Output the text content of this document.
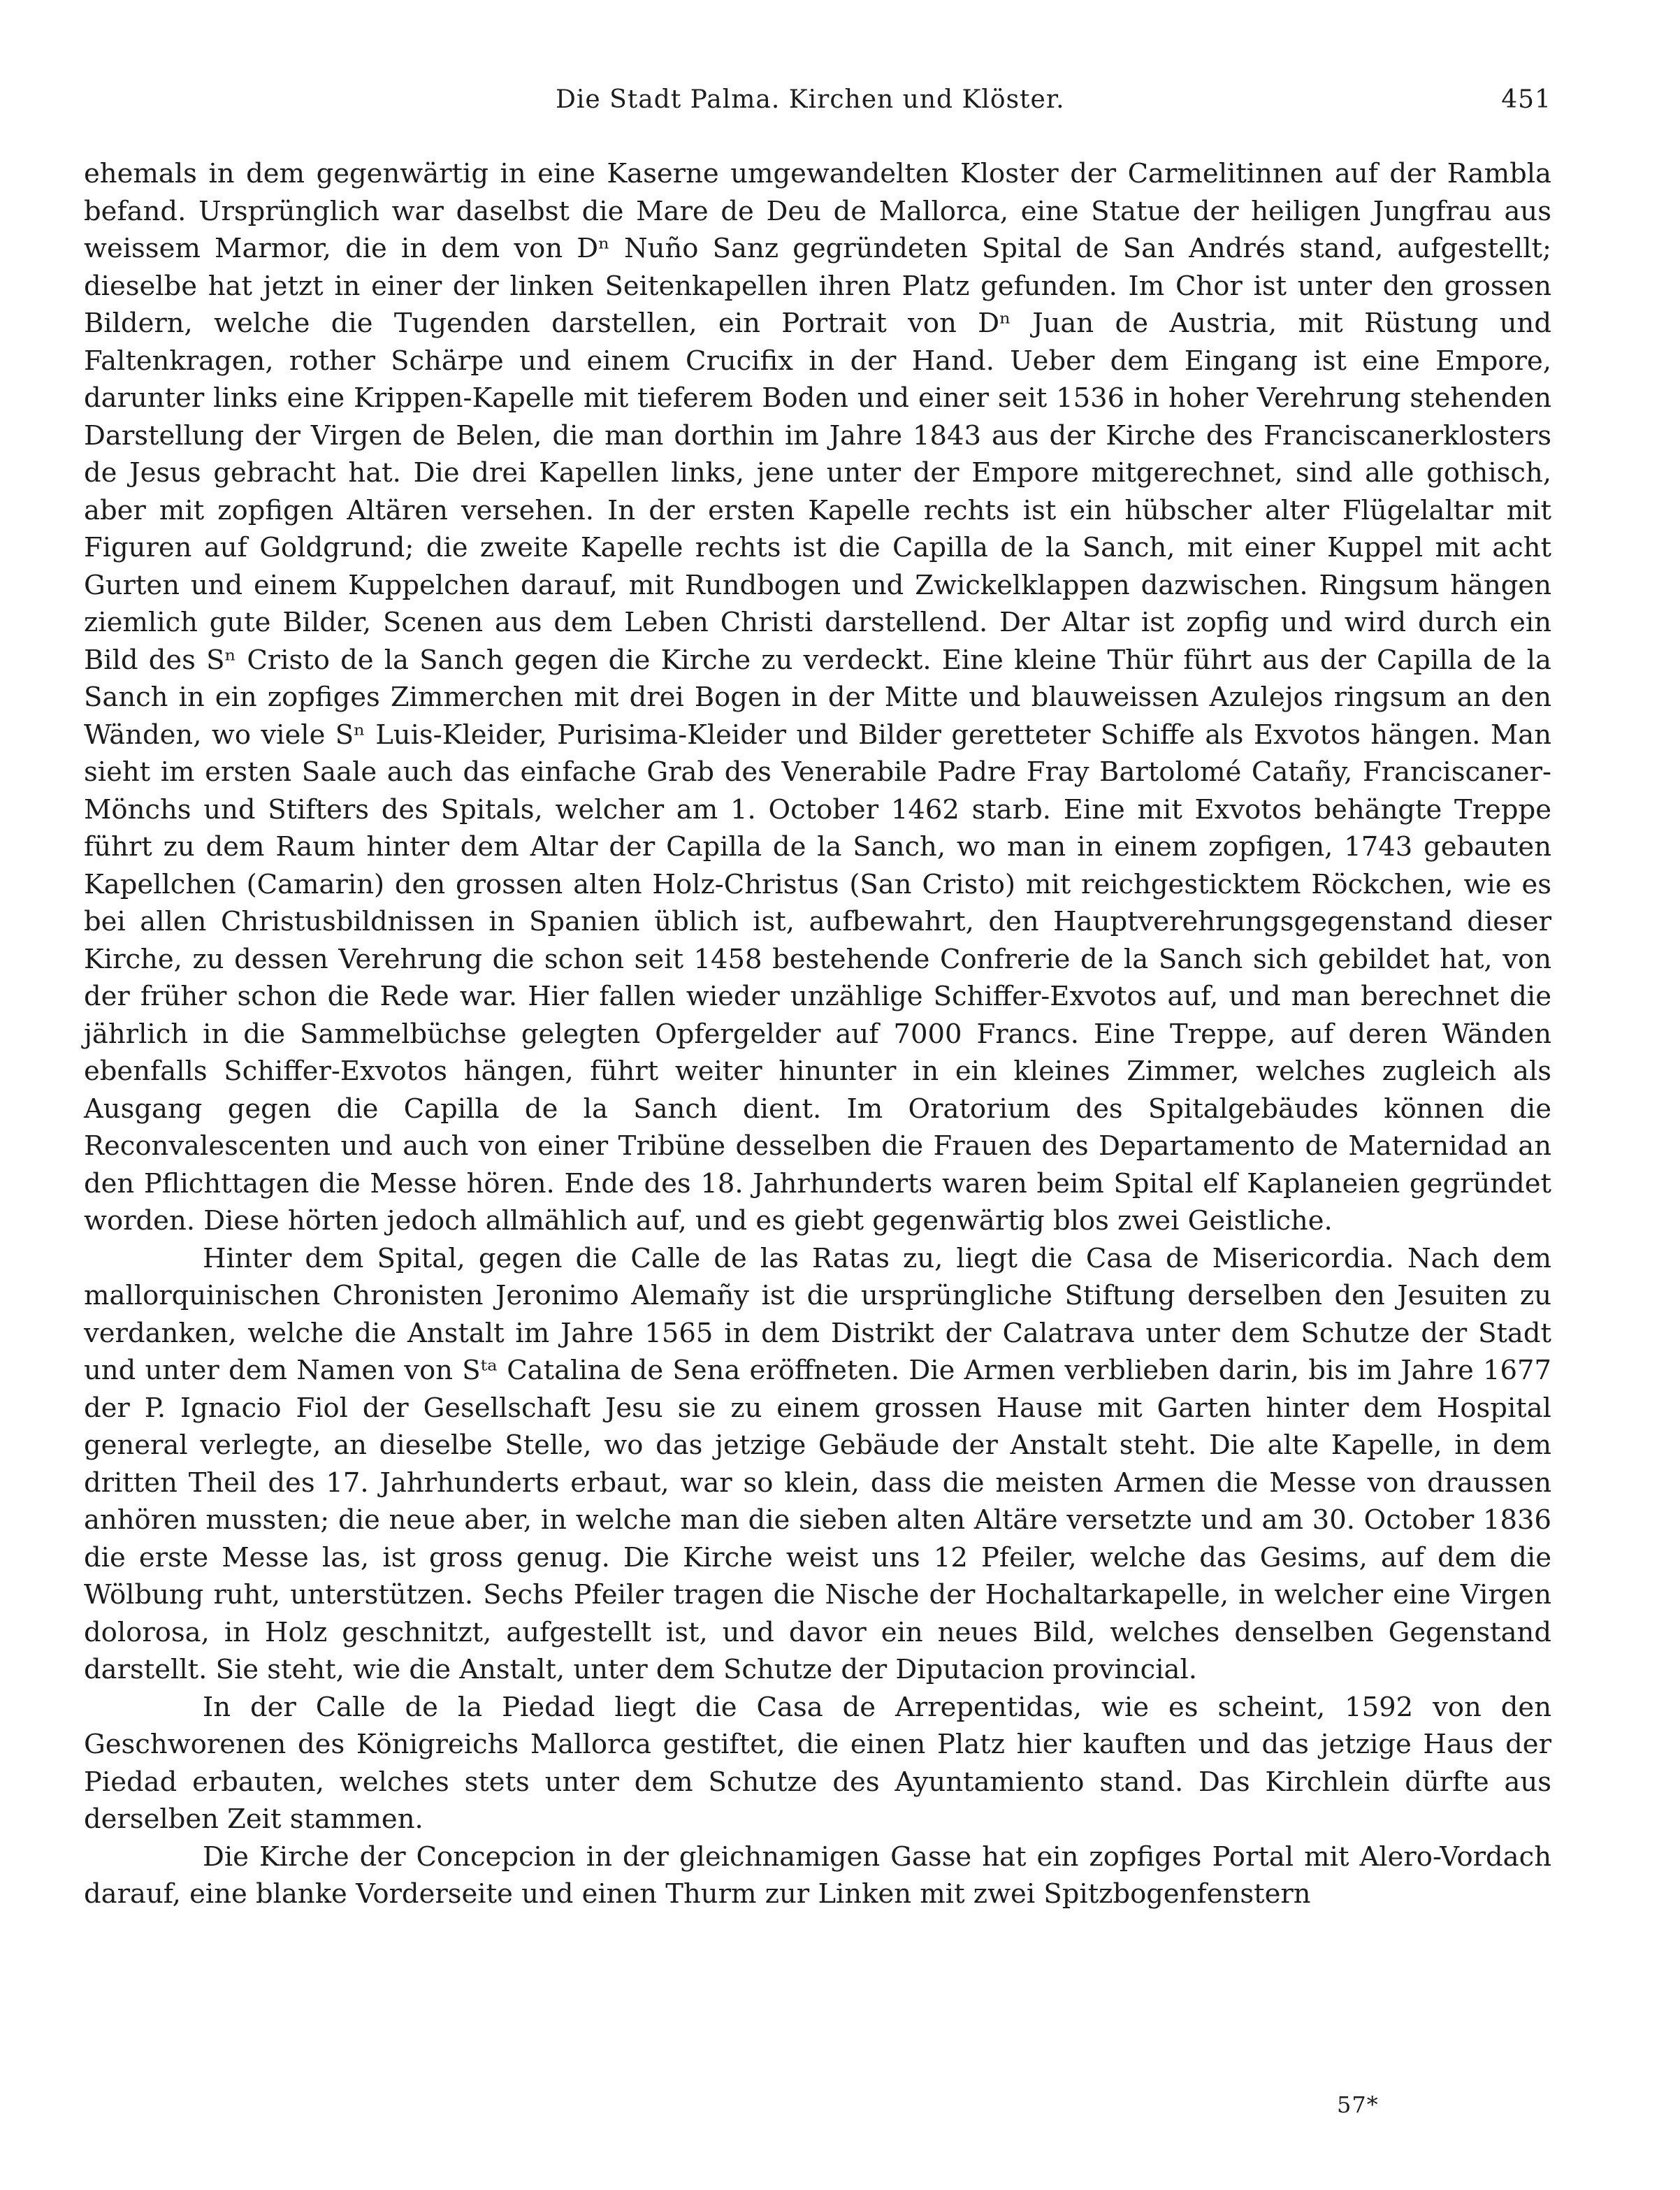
Die Stadt Palma. Kirchen und Klöster.	451

ehemals in dem gegenwärtig in eine Kaserne umgewandelten Kloster der Carmelitinnen auf der Rambla befand. Ursprünglich war daselbst die Mare de Deu de Mallorca, eine Statue der heiligen Jungfrau aus weissem Marmor, die in dem von Dⁿ Nuño Sanz gegründeten Spital de San Andrés stand, aufgestellt; dieselbe hat jetzt in einer der linken Seitenkapellen ihren Platz gefunden. Im Chor ist unter den grossen Bildern, welche die Tugenden darstellen, ein Portrait von Dⁿ Juan de Austria, mit Rüstung und Faltenkragen, rother Schärpe und einem Crucifix in der Hand. Ueber dem Eingang ist eine Empore, darunter links eine Krippen-Kapelle mit tieferem Boden und einer seit 1536 in hoher Verehrung stehenden Darstellung der Virgen de Belen, die man dorthin im Jahre 1843 aus der Kirche des Franciscanerklosters de Jesus gebracht hat. Die drei Kapellen links, jene unter der Empore mitgerechnet, sind alle gothisch, aber mit zopfigen Altären versehen. In der ersten Kapelle rechts ist ein hübscher alter Flügelaltar mit Figuren auf Goldgrund; die zweite Kapelle rechts ist die Capilla de la Sanch, mit einer Kuppel mit acht Gurten und einem Kuppelchen darauf, mit Rundbogen und Zwickelklappen dazwischen. Ringsum hängen ziemlich gute Bilder, Scenen aus dem Leben Christi darstellend. Der Altar ist zopfig und wird durch ein Bild des Sⁿ Cristo de la Sanch gegen die Kirche zu verdeckt. Eine kleine Thür führt aus der Capilla de la Sanch in ein zopfiges Zimmerchen mit drei Bogen in der Mitte und blauweissen Azulejos ringsum an den Wänden, wo viele Sⁿ Luis-Kleider, Purisima-Kleider und Bilder geretteter Schiffe als Exvotos hängen. Man sieht im ersten Saale auch das einfache Grab des Venerabile Padre Fray Bartolomé Catañy, Franciscaner-Mönchs und Stifters des Spitals, welcher am 1. October 1462 starb. Eine mit Exvotos behängte Treppe führt zu dem Raum hinter dem Altar der Capilla de la Sanch, wo man in einem zopfigen, 1743 gebauten Kapellchen (Camarin) den grossen alten Holz-Christus (San Cristo) mit reichgesticktem Röckchen, wie es bei allen Christusbildnissen in Spanien üblich ist, aufbewahrt, den Hauptverehrungsgegenstand dieser Kirche, zu dessen Verehrung die schon seit 1458 bestehende Confrerie de la Sanch sich gebildet hat, von der früher schon die Rede war. Hier fallen wieder unzählige Schiffer-Exvotos auf, und man berechnet die jährlich in die Sammelbüchse gelegten Opfergelder auf 7000 Francs. Eine Treppe, auf deren Wänden ebenfalls Schiffer-Exvotos hängen, führt weiter hinunter in ein kleines Zimmer, welches zugleich als Ausgang gegen die Capilla de la Sanch dient. Im Oratorium des Spitalgebäudes können die Reconvalescenten und auch von einer Tribüne desselben die Frauen des Departamento de Maternidad an den Pflichttagen die Messe hören. Ende des 18. Jahrhunderts waren beim Spital elf Kaplaneien gegründet worden. Diese hörten jedoch allmählich auf, und es giebt gegenwärtig blos zwei Geistliche.

Hinter dem Spital, gegen die Calle de las Ratas zu, liegt die Casa de Misericordia. Nach dem mallorquinischen Chronisten Jeronimo Alemañy ist die ursprüngliche Stiftung derselben den Jesuiten zu verdanken, welche die Anstalt im Jahre 1565 in dem Distrikt der Calatrava unter dem Schutze der Stadt und unter dem Namen von Sᵗᵃ Catalina de Sena eröffneten. Die Armen verblieben darin, bis im Jahre 1677 der P. Ignacio Fiol der Gesellschaft Jesu sie zu einem grossen Hause mit Garten hinter dem Hospital general verlegte, an dieselbe Stelle, wo das jetzige Gebäude der Anstalt steht. Die alte Kapelle, in dem dritten Theil des 17. Jahrhunderts erbaut, war so klein, dass die meisten Armen die Messe von draussen anhören mussten; die neue aber, in welche man die sieben alten Altäre versetzte und am 30. October 1836 die erste Messe las, ist gross genug. Die Kirche weist uns 12 Pfeiler, welche das Gesims, auf dem die Wölbung ruht, unterstützen. Sechs Pfeiler tragen die Nische der Hochaltarkapelle, in welcher eine Virgen dolorosa, in Holz geschnitzt, aufgestellt ist, und davor ein neues Bild, welches denselben Gegenstand darstellt. Sie steht, wie die Anstalt, unter dem Schutze der Diputacion provincial.

In der Calle de la Piedad liegt die Casa de Arrepentidas, wie es scheint, 1592 von den Geschworenen des Königreichs Mallorca gestiftet, die einen Platz hier kauften und das jetzige Haus der Piedad erbauten, welches stets unter dem Schutze des Ayuntamiento stand. Das Kirchlein dürfte aus derselben Zeit stammen.

Die Kirche der Concepcion in der gleichnamigen Gasse hat ein zopfiges Portal mit Alero-Vordach darauf, eine blanke Vorderseite und einen Thurm zur Linken mit zwei Spitzbogenfenstern

57*
